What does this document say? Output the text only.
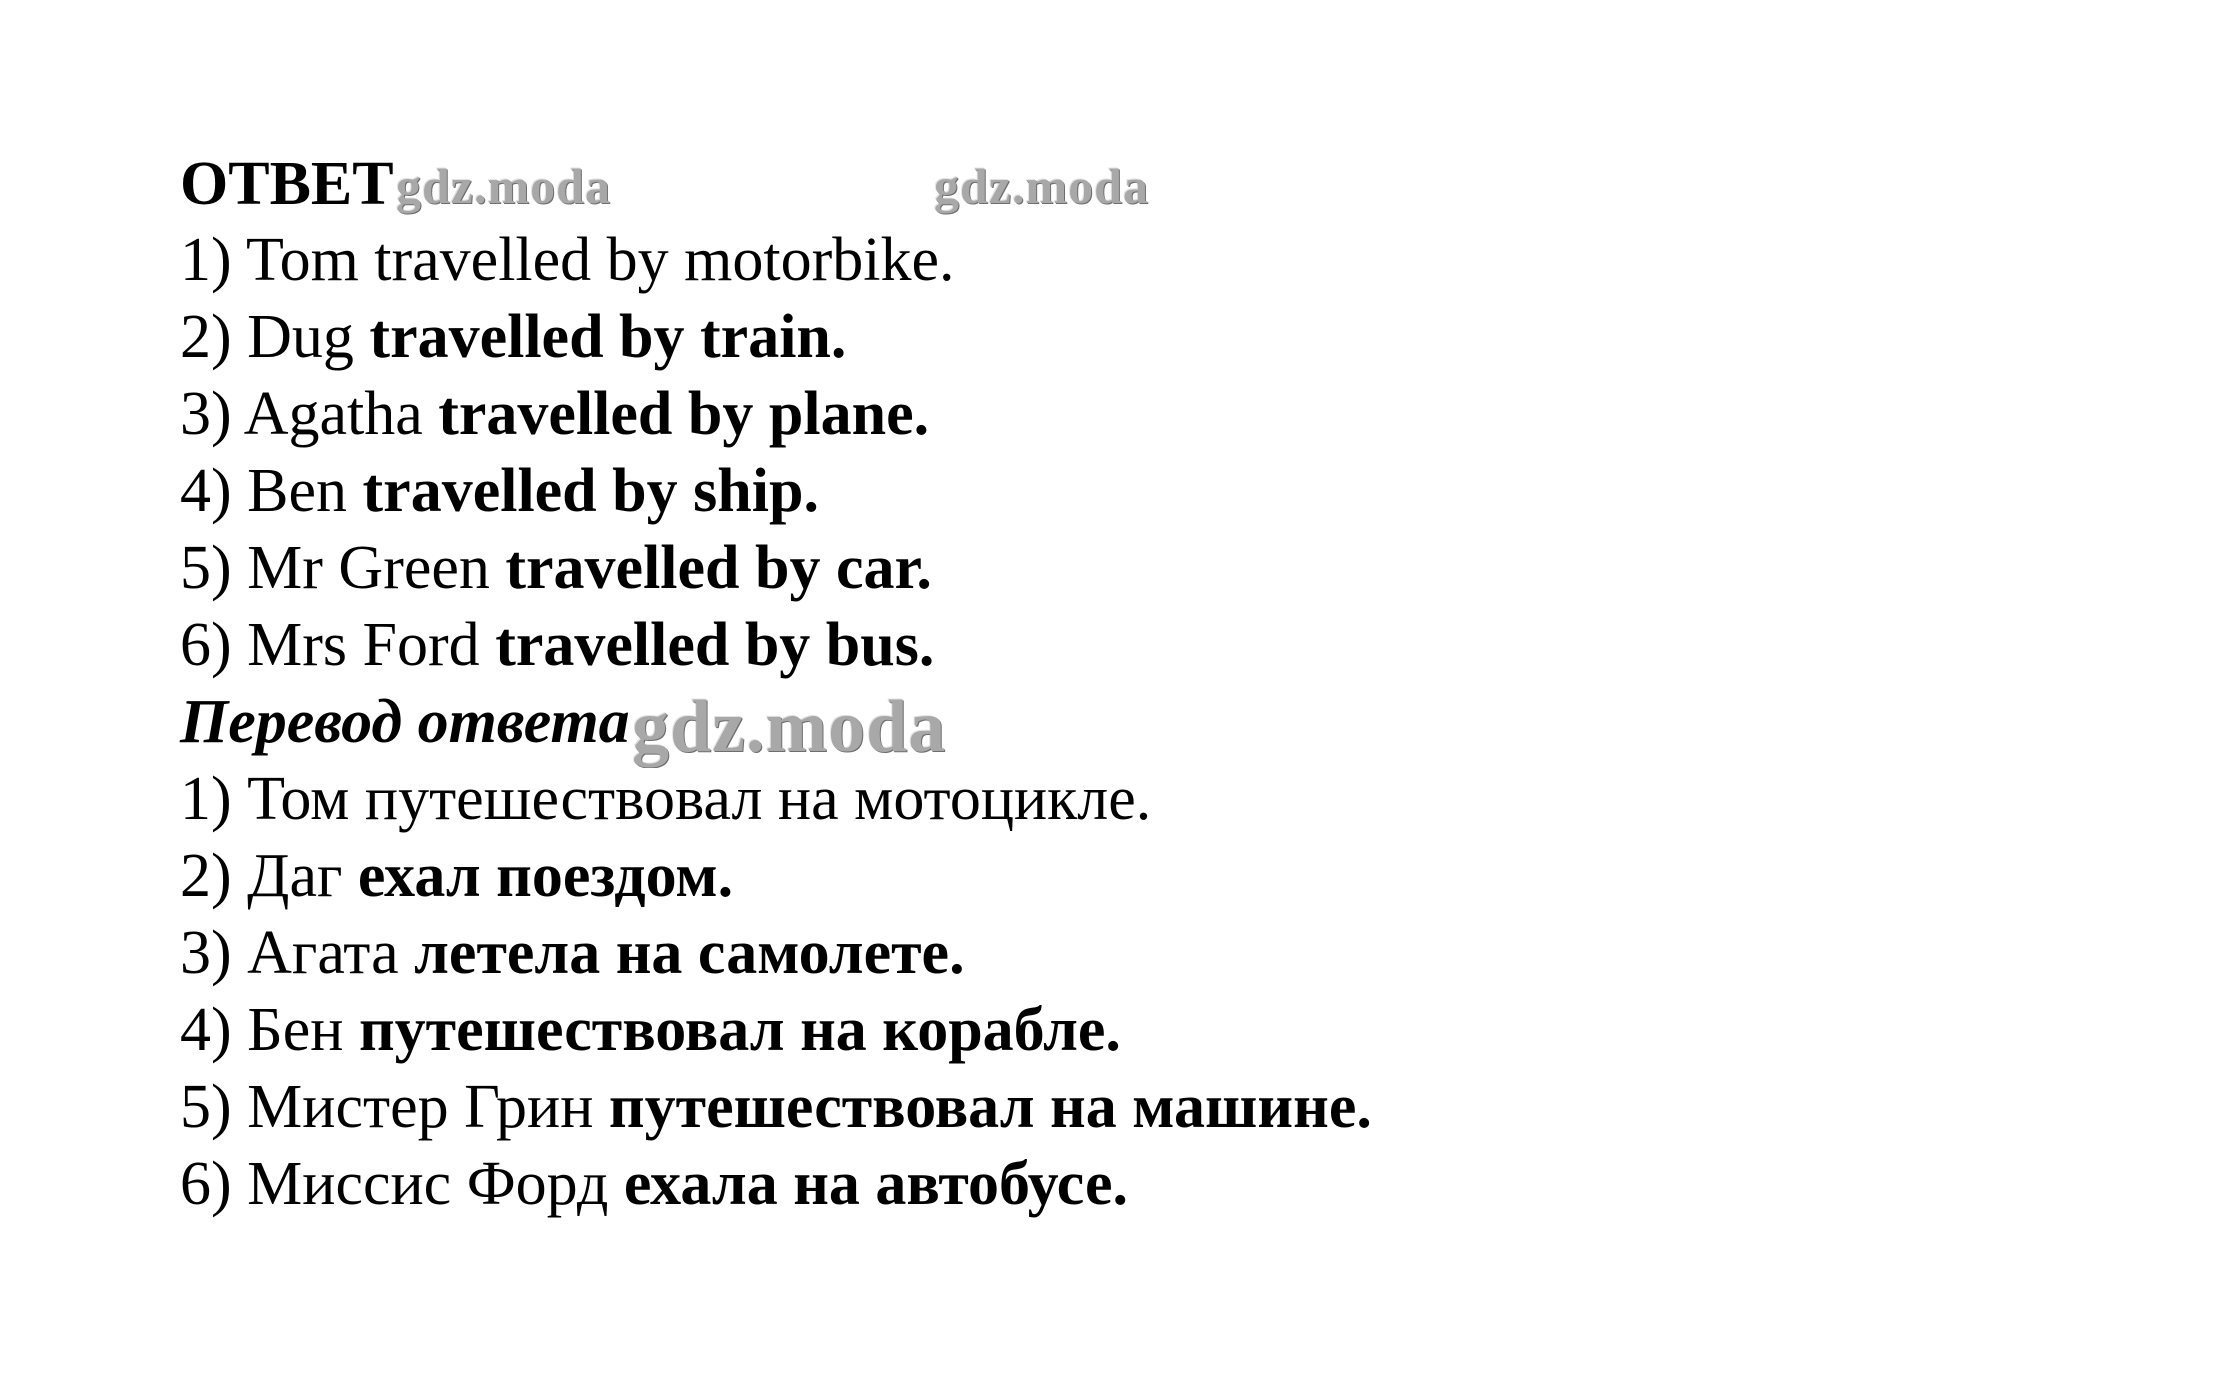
ОТВЕТ gdz.moda	gdz.moda
1) Tom travelled by motorbike.
2) Dug travelled by train.
3) Agatha travelled by plane.
4) Ben travelled by ship.
5) Mr Green travelled by car.
6) Mrs Ford travelled by bus.
Перевод ответа gdz.moda
1) Том путешествовал на мотоцикле.
2) Даг ехал поездом.
3) Агата летела на самолете.
4) Бен путешествовал на корабле.
5) Мистер Грин путешествовал на машине.
6) Миссис Форд ехала на автобусе.
